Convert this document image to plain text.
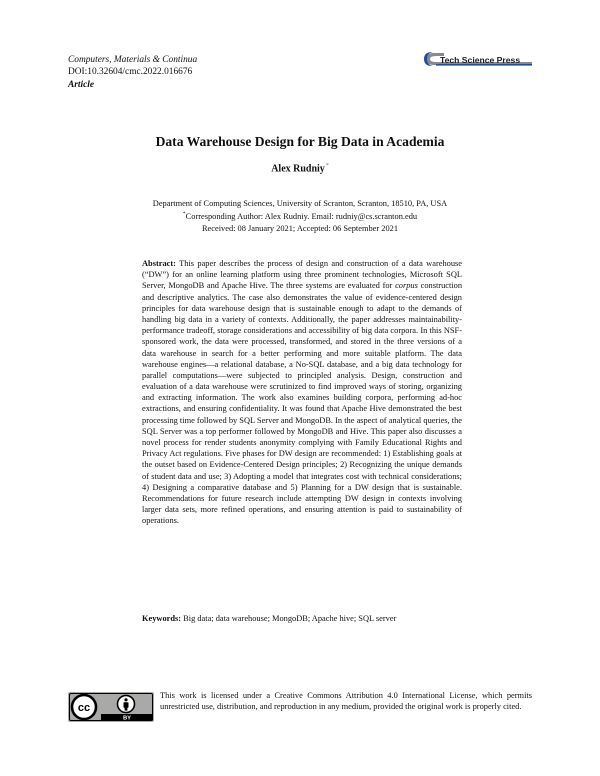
Computers, Materials & Continua
DOI:10.32604/cmc.2022.016676
Article
Tech Science Press
Data Warehouse Design for Big Data in Academia
Alex Rudniy*
Department of Computing Sciences, University of Scranton, Scranton, 18510, PA, USA
*Corresponding Author: Alex Rudniy. Email: rudniy@cs.scranton.edu
Received: 08 January 2021; Accepted: 06 September 2021

Abstract: This paper describes the process of design and construction of a data warehouse (“DW”) for an online learning platform using three prominent technologies, Microsoft SQL Server, MongoDB and Apache Hive. The three systems are evaluated for corpus construction and descriptive analytics. The case also demonstrates the value of evidence-centered design principles for data warehouse design that is sustainable enough to adapt to the demands of handling big data in a variety of contexts. Additionally, the paper addresses maintainability-performance tradeoff, storage considerations and accessibility of big data corpora. In this NSF-sponsored work, the data were processed, transformed, and stored in the three versions of a data warehouse in search for a better performing and more suitable platform. The data warehouse engines—a relational database, a No-SQL database, and a big data technology for parallel computations—were subjected to principled analysis. Design, construction and evaluation of a data warehouse were scrutinized to find improved ways of storing, organizing and extracting information. The work also examines building corpora, performing ad-hoc extractions, and ensuring confidentiality. It was found that Apache Hive demonstrated the best processing time followed by SQL Server and MongoDB. In the aspect of analytical queries, the SQL Server was a top performer followed by MongoDB and Hive. This paper also discusses a novel process for render students anonymity complying with Family Educational Rights and Privacy Act regulations. Five phases for DW design are recommended: 1) Establishing goals at the outset based on Evidence-Centered Design principles; 2) Recognizing the unique demands of student data and use; 3) Adopting a model that integrates cost with technical considerations; 4) Designing a comparative database and 5) Planning for a DW design that is sustainable. Recommendations for future research include attempting DW design in contexts involving larger data sets, more refined operations, and ensuring attention is paid to sustainability of operations.

Keywords: Big data; data warehouse; MongoDB; Apache hive; SQL server
cc
BY

This work is licensed under a Creative Commons Attribution 4.0 International License, which permits unrestricted use, distribution, and reproduction in any medium, provided the original work is properly cited.
